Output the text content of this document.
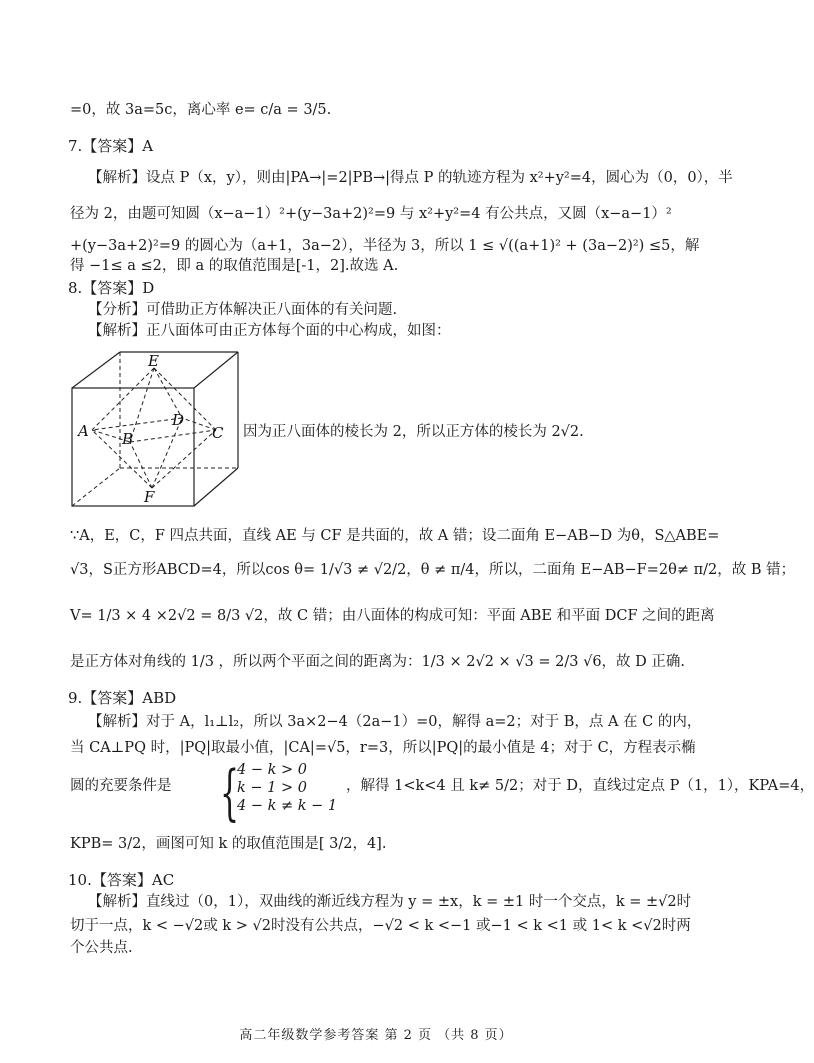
=0，故 3a=5c，离心率 e= c/a = 3/5.
7.【答案】A
【解析】设点 P（x，y），则由|PA→|=2|PB→|得点 P 的轨迹方程为 x²+y²=4，圆心为（0，0），半
径为 2，由题可知圆（x−a−1）²+(y−3a+2)²=9 与 x²+y²=4 有公共点，又圆（x−a−1）²
+(y−3a+2)²=9 的圆心为（a+1，3a−2），半径为 3，所以 1 ≤ √((a+1)² + (3a−2)²) ≤5，解
得 −1≤ a ≤2，即 a 的取值范围是[-1，2].故选 A.
8.【答案】D
【分析】可借助正方体解决正八面体的有关问题.
【解析】正八面体可由正方体每个面的中心构成，如图：
E
A B
D
C
F
因为正八面体的棱长为 2，所以正方体的棱长为 2√2.
∵A，E，C，F 四点共面，直线 AE 与 CF 是共面的，故 A 错；设二面角 E−AB−D 为θ，S△ABE=
√3，S正方形ABCD=4，所以cos θ= 1/√3 ≠ √2/2，θ ≠ π/4，所以，二面角 E−AB−F=2θ≠ π/2，故 B 错；
V= 1/3 × 4 ×2√2 = 8/3 √2，故 C 错；由八面体的构成可知：平面 ABE 和平面 DCF 之间的距离
是正方体对角线的 1/3 ，所以两个平面之间的距离为：1/3 × 2√2 × √3 = 2/3 √6，故 D 正确.
9.【答案】ABD
【解析】对于 A，l₁⊥l₂，所以 3a×2−4（2a−1）=0，解得 a=2；对于 B，点 A 在 C 的内，
当 CA⊥PQ 时，|PQ|取最小值，|CA|=√5，r=3，所以|PQ|的最小值是 4；对于 C，方程表示椭
圆的充要条件是 {
4 − k > 0
k − 1 > 0
4 − k ≠ k − 1
，解得 1<k<4 且 k≠ 5/2；对于 D，直线过定点 P（1，1），KPA=4，
KPB= 3/2，画图可知 k 的取值范围是[ 3/2，4].
10.【答案】AC
【解析】直线过（0，1），双曲线的渐近线方程为 y = ±x，k = ±1 时一个交点，k = ±√2时
切于一点，k < −√2或 k > √2时没有公共点，−√2 < k <−1 或−1 < k <1 或 1< k <√2时两
个公共点.
高二年级数学参考答案 第 2 页 （共 8 页）
